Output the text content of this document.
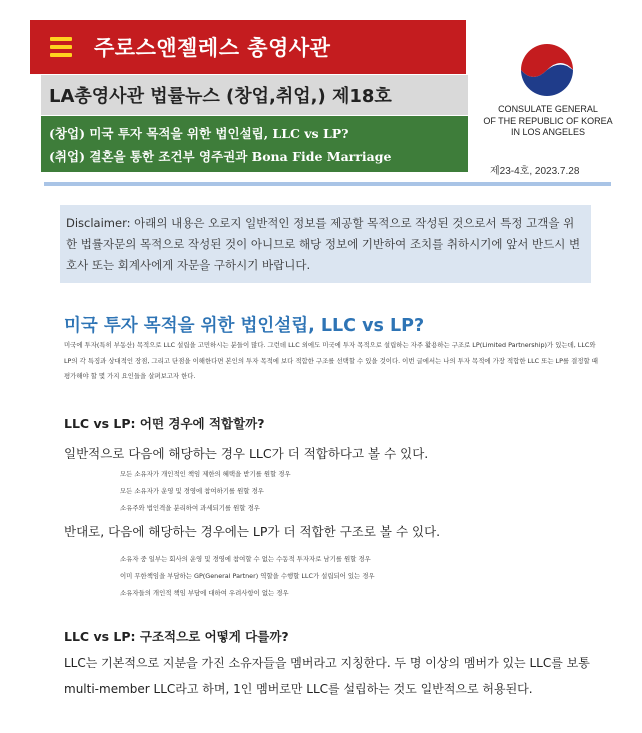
주로스앤젤레스 총영사관
LA총영사관 법률뉴스 (창업,취업,) 제18호
(창업) 미국 투자 목적을 위한 법인설립, LLC vs LP?
(취업) 결혼을 통한 조건부 영주권과 Bona Fide Marriage
CONSULATE GENERAL
OF THE REPUBLIC OF KOREA
IN LOS ANGELES
제23-4호, 2023.7.28
Disclaimer: 아래의 내용은 오로지 일반적인 정보를 제공할 목적으로 작성된 것으로서 특정 고객을 위한 법률자문의 목적으로 작성된 것이 아니므로 해당 정보에 기반하여 조치를 취하시기에 앞서 반드시 변호사 또는 회계사에게 자문을 구하시기 바랍니다.
미국 투자 목적을 위한 법인설립, LLC vs LP?
미국에 투자(특히 부동산) 목적으로 LLC 설립을 고민하시는 분들이 많다. 그런데 LLC 외에도 미국에 투자 목적으로 설립하는 자주 활용하는 구조로 LP(Limited Partnership)가 있는데, LLC와 LP의 각 특징과 상대적인 장점, 그리고 단점을 이해한다면 본인의 투자 목적에 보다 적합한 구조를 선택할 수 있을 것이다. 이번 글에서는 나의 투자 목적에 가장 적합한 LLC 또는 LP를 결정할 때 평가해야 할 몇 가지 요인들을 살펴보고자 한다.
LLC vs LP: 어떤 경우에 적합할까?
일반적으로 다음에 해당하는 경우 LLC가 더 적합하다고 볼 수 있다.
모든 소유자가 개인적인 책임 제한의 혜택을 받기를 원할 경우
모든 소유자가 운영 및 경영에 참여하기를 원할 경우
소유주와 법인격을 분리하여 과세되기를 원할 경우
반대로, 다음에 해당하는 경우에는 LP가 더 적합한 구조로 볼 수 있다.
소유자 중 일부는 회사의 운영 및 경영에 참여할 수 없는 수동적 투자자로 남기를 원할 경우
이미 무한책임을 부담하는 GP(General Partner) 역할을 수행할 LLC가 설립되어 있는 경우
소유자들의 개인적 책임 부담에 대하여 우려사항이 없는 경우
LLC vs LP: 구조적으로 어떻게 다를까?
LLC는 기본적으로 지분을 가진 소유자들을 멤버라고 지칭한다. 두 명 이상의 멤버가 있는 LLC를 보통 multi-member LLC라고 하며, 1인 멤버로만 LLC를 설립하는 것도 일반적으로 허용된다.
